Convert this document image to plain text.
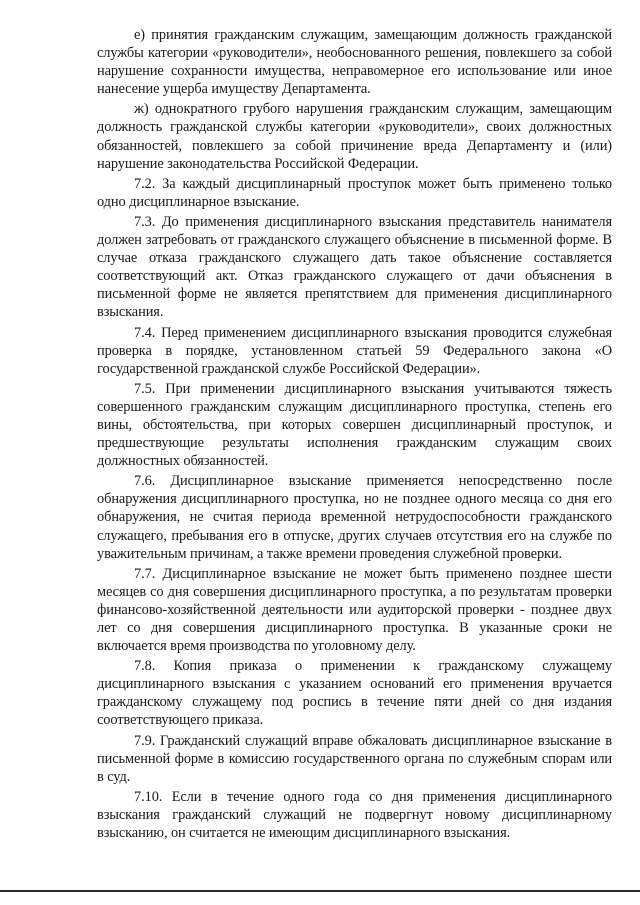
е) принятия гражданским служащим, замещающим должность гражданской службы категории «руководители», необоснованного решения, повлекшего за собой нарушение сохранности имущества, неправомерное его использование или иное нанесение ущерба имуществу Департамента.

ж) однократного грубого нарушения гражданским служащим, замещающим должность гражданской службы категории «руководители», своих должностных обязанностей, повлекшего за собой причинение вреда Департаменту и (или) нарушение законодательства Российской Федерации.

7.2. За каждый дисциплинарный проступок может быть применено только одно дисциплинарное взыскание.

7.3. До применения дисциплинарного взыскания представитель нанимателя должен затребовать от гражданского служащего объяснение в письменной форме. В случае отказа гражданского служащего дать такое объяснение составляется соответствующий акт. Отказ гражданского служащего от дачи объяснения в письменной форме не является препятствием для применения дисциплинарного взыскания.

7.4. Перед применением дисциплинарного взыскания проводится служебная проверка в порядке, установленном статьей 59 Федерального закона «О государственной гражданской службе Российской Федерации».

7.5. При применении дисциплинарного взыскания учитываются тяжесть совершенного гражданским служащим дисциплинарного проступка, степень его вины, обстоятельства, при которых совершен дисциплинарный проступок, и предшествующие результаты исполнения гражданским служащим своих должностных обязанностей.

7.6. Дисциплинарное взыскание применяется непосредственно после обнаружения дисциплинарного проступка, но не позднее одного месяца со дня его обнаружения, не считая периода временной нетрудоспособности гражданского служащего, пребывания его в отпуске, других случаев отсутствия его на службе по уважительным причинам, а также времени проведения служебной проверки.

7.7. Дисциплинарное взыскание не может быть применено позднее шести месяцев со дня совершения дисциплинарного проступка, а по результатам проверки финансово-хозяйственной деятельности или аудиторской проверки - позднее двух лет со дня совершения дисциплинарного проступка. В указанные сроки не включается время производства по уголовному делу.

7.8. Копия приказа о применении к гражданскому служащему дисциплинарного взыскания с указанием оснований его применения вручается гражданскому служащему под роспись в течение пяти дней со дня издания соответствующего приказа.

7.9. Гражданский служащий вправе обжаловать дисциплинарное взыскание в письменной форме в комиссию государственного органа по служебным спорам или в суд.

7.10. Если в течение одного года со дня применения дисциплинарного взыскания гражданский служащий не подвергнут новому дисциплинарному взысканию, он считается не имеющим дисциплинарного взыскания.
